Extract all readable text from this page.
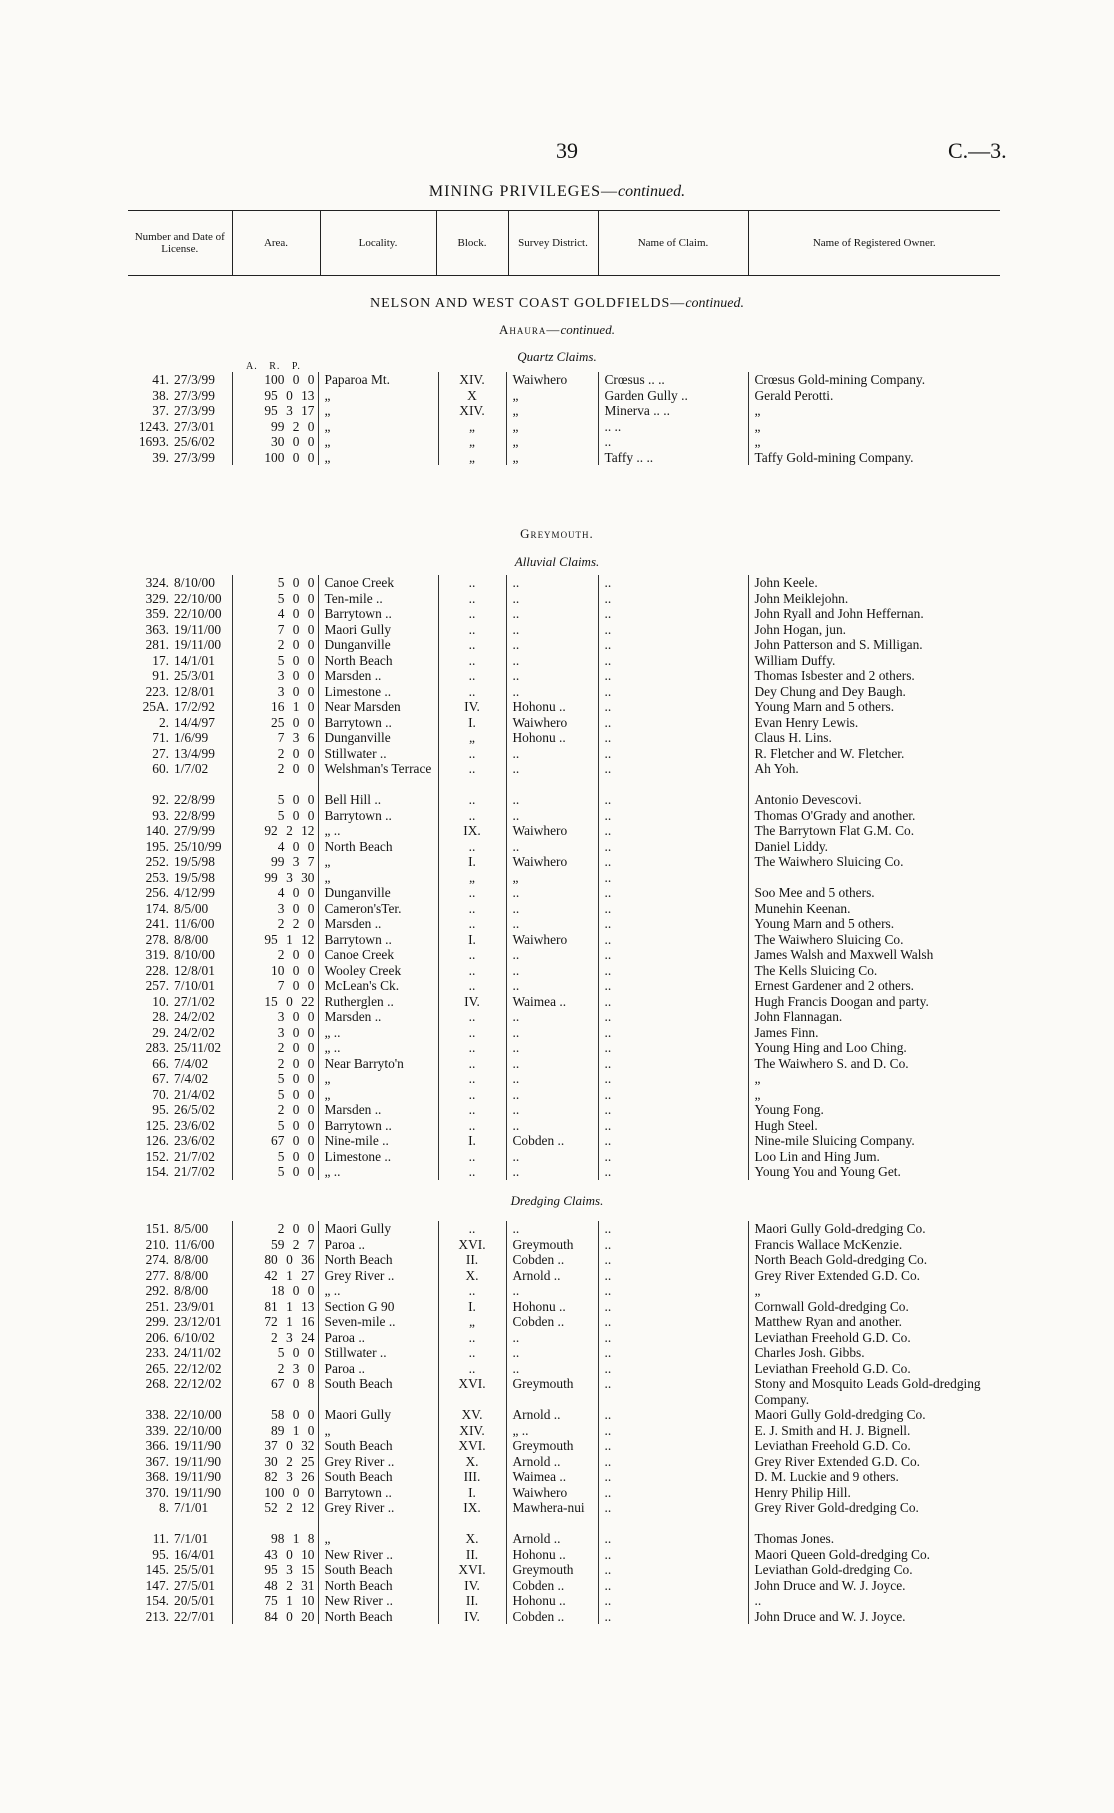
39	C.—3.
MINING PRIVILEGES—continued.
Number and Date of License.	Area.	Locality.	Block.	Survey District.	Name of Claim.	Name of Registered Owner.
NELSON AND WEST COAST GOLDFIELDS—continued.
Ahaura—continued.
Quartz Claims.
A. R. P.
41.	27/3/99	100 0 0	Paparoa Mt.	XIV.	Waiwhero	Crœsus .. ..	Crœsus Gold-mining Company.
38.	27/3/99	95 0 13	„	X	„	Garden Gully ..	Gerald Perotti.
37.	27/3/99	95 3 17	„	XIV.	„	Minerva .. ..	„
1243.	27/3/01	99 2 0	„	„	„	.. ..	„
1693.	25/6/02	30 0 0	„	„	„	..	„
39.	27/3/99	100 0 0	„	„	„	Taffy .. ..	Taffy Gold-mining Company.
Greymouth.
Alluvial Claims.
324.	8/10/00	5 0 0	Canoe Creek	..	..	..	John Keele.
329.	22/10/00	5 0 0	Ten-mile ..	..	..	..	John Meiklejohn.
359.	22/10/00	4 0 0	Barrytown ..	..	..	..	John Ryall and John Heffernan.
363.	19/11/00	7 0 0	Maori Gully	..	..	..	John Hogan, jun.
281.	19/11/00	2 0 0	Dunganville	..	..	..	John Patterson and S. Milligan.
17.	14/1/01	5 0 0	North Beach	..	..	..	William Duffy.
91.	25/3/01	3 0 0	Marsden ..	..	..	..	Thomas Isbester and 2 others.
223.	12/8/01	3 0 0	Limestone ..	..	..	..	Dey Chung and Dey Baugh.
25A.	17/2/92	16 1 0	Near Marsden	IV.	Hohonu ..	..	Young Marn and 5 others.
2.	14/4/97	25 0 0	Barrytown ..	I.	Waiwhero	..	Evan Henry Lewis.
71.	1/6/99	7 3 6	Dunganville	„	Hohonu ..	..	Claus H. Lins.
27.	13/4/99	2 0 0	Stillwater ..	..	..	..	R. Fletcher and W. Fletcher.
60.	1/7/02	2 0 0	Welshman's Terrace	..	..	..	Ah Yoh.
92.	22/8/99	5 0 0	Bell Hill ..	..	..	..	Antonio Devescovi.
93.	22/8/99	5 0 0	Barrytown ..	..	..	..	Thomas O'Grady and another.
140.	27/9/99	92 2 12	„ ..	IX.	Waiwhero	..	The Barrytown Flat G.M. Co.
195.	25/10/99	4 0 0	North Beach	..	..	..	Daniel Liddy.
252.	19/5/98	99 3 7	„	I.	Waiwhero	..	The Waiwhero Sluicing Co.
253.	19/5/98	99 3 30	„	„	„	..	
256.	4/12/99	4 0 0	Dunganville	..	..	..	Soo Mee and 5 others.
174.	8/5/00	3 0 0	Cameron'sTer.	..	..	..	Munehin Keenan.
241.	11/6/00	2 2 0	Marsden ..	..	..	..	Young Marn and 5 others.
278.	8/8/00	95 1 12	Barrytown ..	I.	Waiwhero	..	The Waiwhero Sluicing Co.
319.	8/10/00	2 0 0	Canoe Creek	..	..	..	James Walsh and Maxwell Walsh
228.	12/8/01	10 0 0	Wooley Creek	..	..	..	The Kells Sluicing Co.
257.	7/10/01	7 0 0	McLean's Ck.	..	..	..	Ernest Gardener and 2 others.
10.	27/1/02	15 0 22	Rutherglen ..	IV.	Waimea ..	..	Hugh Francis Doogan and party.
28.	24/2/02	3 0 0	Marsden ..	..	..	..	John Flannagan.
29.	24/2/02	3 0 0	„ ..	..	..	..	James Finn.
283.	25/11/02	2 0 0	„ ..	..	..	..	Young Hing and Loo Ching.
66.	7/4/02	2 0 0	Near Barryto'n	..	..	..	The Waiwhero S. and D. Co.
67.	7/4/02	5 0 0	„	..	..	..	„
70.	21/4/02	5 0 0	„	..	..	..	„
95.	26/5/02	2 0 0	Marsden ..	..	..	..	Young Fong.
125.	23/6/02	5 0 0	Barrytown ..	..	..	..	Hugh Steel.
126.	23/6/02	67 0 0	Nine-mile ..	I.	Cobden ..	..	Nine-mile Sluicing Company.
152.	21/7/02	5 0 0	Limestone ..	..	..	..	Loo Lin and Hing Jum.
154.	21/7/02	5 0 0	„ ..	..	..	..	Young You and Young Get.
Dredging Claims.
151.	8/5/00	2 0 0	Maori Gully	..	..	..	Maori Gully Gold-dredging Co.
210.	11/6/00	59 2 7	Paroa ..	XVI.	Greymouth	..	Francis Wallace McKenzie.
274.	8/8/00	80 0 36	North Beach	II.	Cobden ..	..	North Beach Gold-dredging Co.
277.	8/8/00	42 1 27	Grey River ..	X.	Arnold ..	..	Grey River Extended G.D. Co.
292.	8/8/00	18 0 0	„ ..	..	..	..	„
251.	23/9/01	81 1 13	Section G 90	I.	Hohonu ..	..	Cornwall Gold-dredging Co.
299.	23/12/01	72 1 16	Seven-mile ..	„	Cobden ..	..	Matthew Ryan and another.
206.	6/10/02	2 3 24	Paroa ..	..	..	..	Leviathan Freehold G.D. Co.
233.	24/11/02	5 0 0	Stillwater ..	..	..	..	Charles Josh. Gibbs.
265.	22/12/02	2 3 0	Paroa ..	..	..	..	Leviathan Freehold G.D. Co.
268.	22/12/02	67 0 8	South Beach	XVI.	Greymouth	..	Stony and Mosquito Leads Gold-dredging Company.
338.	22/10/00	58 0 0	Maori Gully	XV.	Arnold ..	..	Maori Gully Gold-dredging Co.
339.	22/10/00	89 1 0	„	XIV.	„ ..	..	E. J. Smith and H. J. Bignell.
366.	19/11/90	37 0 32	South Beach	XVI.	Greymouth	..	Leviathan Freehold G.D. Co.
367.	19/11/90	30 2 25	Grey River ..	X.	Arnold ..	..	Grey River Extended G.D. Co.
368.	19/11/90	82 3 26	South Beach	III.	Waimea ..	..	D. M. Luckie and 9 others.
370.	19/11/90	100 0 0	Barrytown ..	I.	Waiwhero	..	Henry Philip Hill.
8.	7/1/01	52 2 12	Grey River ..	IX.	Mawhera-nui	..	Grey River Gold-dredging Co.
11.	7/1/01	98 1 8	„	X.	Arnold ..	..	Thomas Jones.
95.	16/4/01	43 0 10	New River ..	II.	Hohonu ..	..	Maori Queen Gold-dredging Co.
145.	25/5/01	95 3 15	South Beach	XVI.	Greymouth	..	Leviathan Gold-dredging Co.
147.	27/5/01	48 2 31	North Beach	IV.	Cobden ..	..	John Druce and W. J. Joyce.
154.	20/5/01	75 1 10	New River ..	II.	Hohonu ..	..	..
213.	22/7/01	84 0 20	North Beach	IV.	Cobden ..	..	John Druce and W. J. Joyce.
